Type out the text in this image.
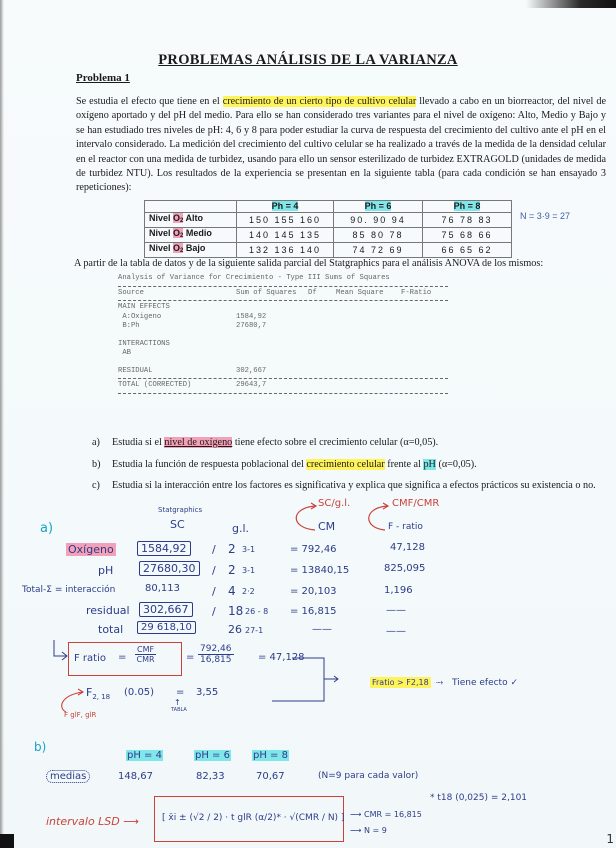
PROBLEMAS ANÁLISIS DE LA VARIANZA
Problema 1
Se estudia el efecto que tiene en el crecimiento de un cierto tipo de cultivo celular llevado a cabo en un biorreactor, del nivel de oxígeno aportado y del pH del medio. Para ello se han considerado tres variantes para el nivel de oxígeno: Alto, Medio y Bajo y se han estudiado tres niveles de pH: 4, 6 y 8 para poder estudiar la curva de respuesta del crecimiento del cultivo ante el pH en el intervalo considerado. La medición del crecimiento del cultivo celular se ha realizado a través de la medida de la densidad celular en el reactor con una medida de turbidez, usando para ello un sensor esterilizado de turbidez EXTRAGOLD (unidades de medida de turbidez NTU). Los resultados de la experiencia se presentan en la siguiente tabla (para cada condición se han ensayado 3 repeticiones):
	Ph = 4	Ph = 6	Ph = 8
Nivel O2 Alto	150 155 160	90. 90 94	76 78 83
Nivel O2 Medio	140 145 135	85 80 78	75 68 66
Nivel O2 Bajo	132 136 140	74 72 69	66 65 62
N = 3·9 = 27
A partir de la tabla de datos y de la siguiente salida parcial del Statgraphics para el análisis ANOVA de los mismos:
Analysis of Variance for Crecimiento - Type III Sums of Squares
Source	Sum of Squares	Df	Mean Square	F-Ratio
MAIN EFFECTS
A:Oxigeno	1584,92
B:Ph	27680,7
INTERACTIONS
AB
RESIDUAL	302,667
TOTAL (CORRECTED)	29643,7
a) Estudia si el nivel de oxígeno tiene efecto sobre el crecimiento celular (α=0,05).
b) Estudia la función de respuesta poblacional del crecimiento celular frente al pH (α=0,05).
c) Estudia si la interacción entre los factores es significativa y explica que significa a efectos prácticos su existencia o no.
a)
Statgraphics
SC	g.l.	CM	F - ratio
SC/g.l.	CMF/CMR
Oxígeno	1584,92	/ 2 3-1	= 792,46	47,128
pH	27680,30	/ 2 3-1	= 13840,15	825,095
Total-Σ = interacción	80,113	/ 4 2·2	= 20,103	1,196
residual	302,667	/ 18 26 - 8 = 16,815	——
total	29 618,10	26 27-1	——	——
F ratio = $\frac{\text{CMF}}{\text{CMR}}$	= $\frac{792,46}{16,815} = 47,128$
$F_{2, 18}$ (0.05) = 3,55
TABLA
↑
F glF, glR
Fratio > F2,18 ⤑ Tiene efecto ✓
b)
pH = 4	pH = 6 pH = 8
medias	148,67	82,33	70,67	(N=9 para cada valor)
* t18 (0,025) = 2,101
intervalo LSD ⟶	[ x̄i ± (√2 / 2) · t glR (α/2)* · √(CMR / N) ] ⟶ CMR = 16,815
⟶ N = 9
1
